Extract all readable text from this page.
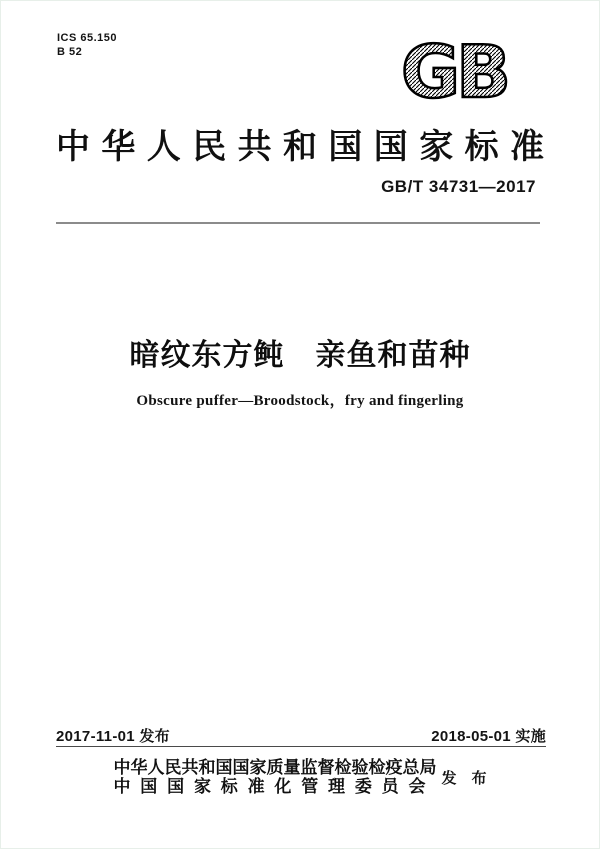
ICS 65.150
B 52	GB
中华人民共和国国家标准
GB/T 34731—2017
暗纹东方鲀　亲鱼和苗种
Obscure puffer—Broodstock，fry and fingerling
2017-11-01 发布	2018-05-01 实施
中华人民共和国国家质量监督检验检疫总局
中国国家标准化管理委员会 发　布
